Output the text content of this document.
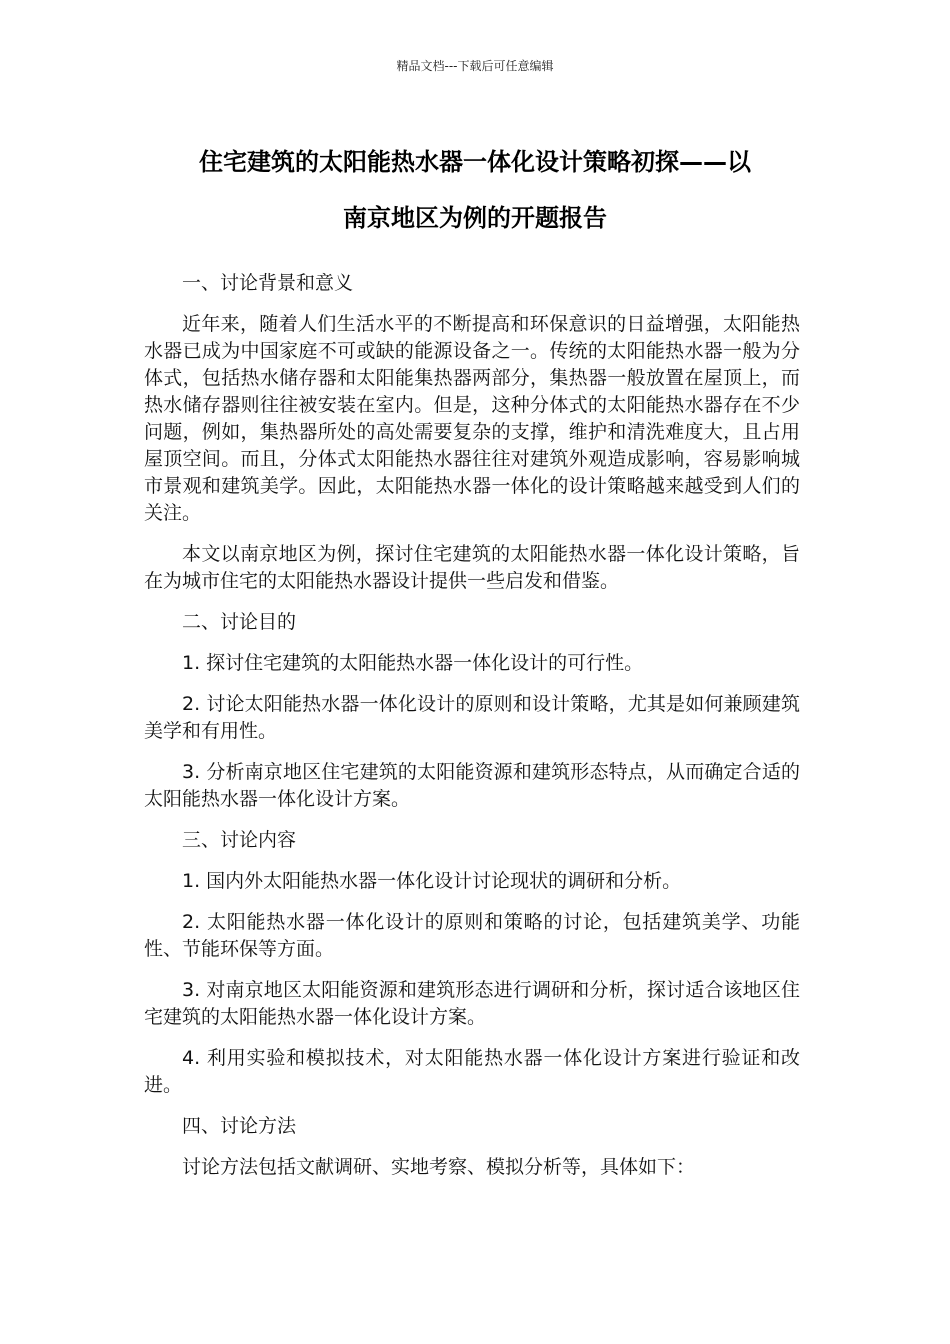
精品文档---下载后可任意编辑
住宅建筑的太阳能热水器一体化设计策略初探——以
南京地区为例的开题报告

一、讨论背景和意义

近年来，随着人们生活水平的不断提高和环保意识的日益增强，太阳能热水器已成为中国家庭不可或缺的能源设备之一。传统的太阳能热水器一般为分体式，包括热水储存器和太阳能集热器两部分，集热器一般放置在屋顶上，而热水储存器则往往被安装在室内。但是，这种分体式的太阳能热水器存在不少问题，例如，集热器所处的高处需要复杂的支撑，维护和清洗难度大，且占用屋顶空间。而且，分体式太阳能热水器往往对建筑外观造成影响，容易影响城市景观和建筑美学。因此，太阳能热水器一体化的设计策略越来越受到人们的关注。

本文以南京地区为例，探讨住宅建筑的太阳能热水器一体化设计策略，旨在为城市住宅的太阳能热水器设计提供一些启发和借鉴。

二、讨论目的

1. 探讨住宅建筑的太阳能热水器一体化设计的可行性。

2. 讨论太阳能热水器一体化设计的原则和设计策略，尤其是如何兼顾建筑美学和有用性。

3. 分析南京地区住宅建筑的太阳能资源和建筑形态特点，从而确定合适的太阳能热水器一体化设计方案。

三、讨论内容

1. 国内外太阳能热水器一体化设计讨论现状的调研和分析。

2. 太阳能热水器一体化设计的原则和策略的讨论，包括建筑美学、功能性、节能环保等方面。

3. 对南京地区太阳能资源和建筑形态进行调研和分析，探讨适合该地区住宅建筑的太阳能热水器一体化设计方案。

4. 利用实验和模拟技术，对太阳能热水器一体化设计方案进行验证和改进。

四、讨论方法

讨论方法包括文献调研、实地考察、模拟分析等，具体如下：
